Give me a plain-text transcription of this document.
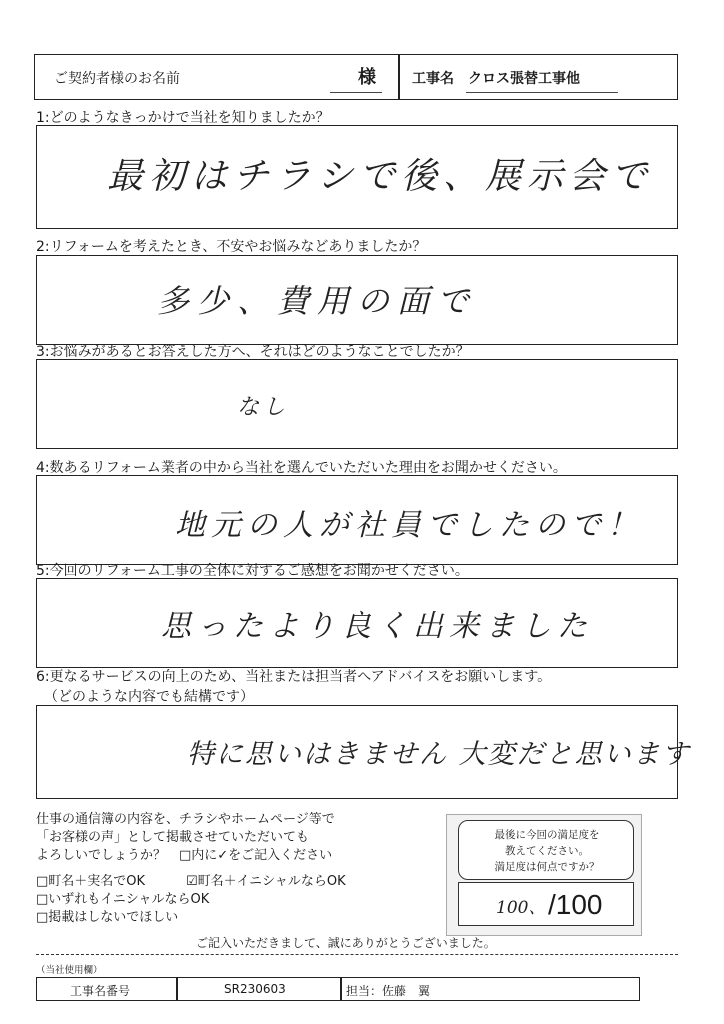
ご契約者様のお名前	様	工事名 クロス張替工事他
1:どのようなきっかけで当社を知りましたか？
最初はチラシで後、展示会で
2:リフォームを考えたとき、不安やお悩みなどありましたか？
多少、費用の面で
3:お悩みがあるとお答えした方へ、それはどのようなことでしたか？
なし
4:数あるリフォーム業者の中から当社を選んでいただいた理由をお聞かせください。
地元の人が社員でしたので！
5:今回のリフォーム工事の全体に対するご感想をお聞かせください。
思ったより良く出来ました
6:更なるサービスの向上のため、当社または担当者へアドバイスをお願いします。
（どのような内容でも結構です）
特に思いはきません 大変だと思います
仕事の通信簿の内容を、チラシやホームページ等で
「お客様の声」として掲載させていただいても
よろしいでしょうか？　□内に✓をご記入ください
□町名＋実名でOK	☑町名＋イニシャルならOK
□いずれもイニシャルならOK
□掲載はしないでほしい
最後に今回の満足度を
教えてください。
満足度は何点ですか？
100、 /100
ご記入いただきまして、誠にありがとうございました。
（当社使用欄）
工事名番号	SR230603	担当：佐藤　翼
